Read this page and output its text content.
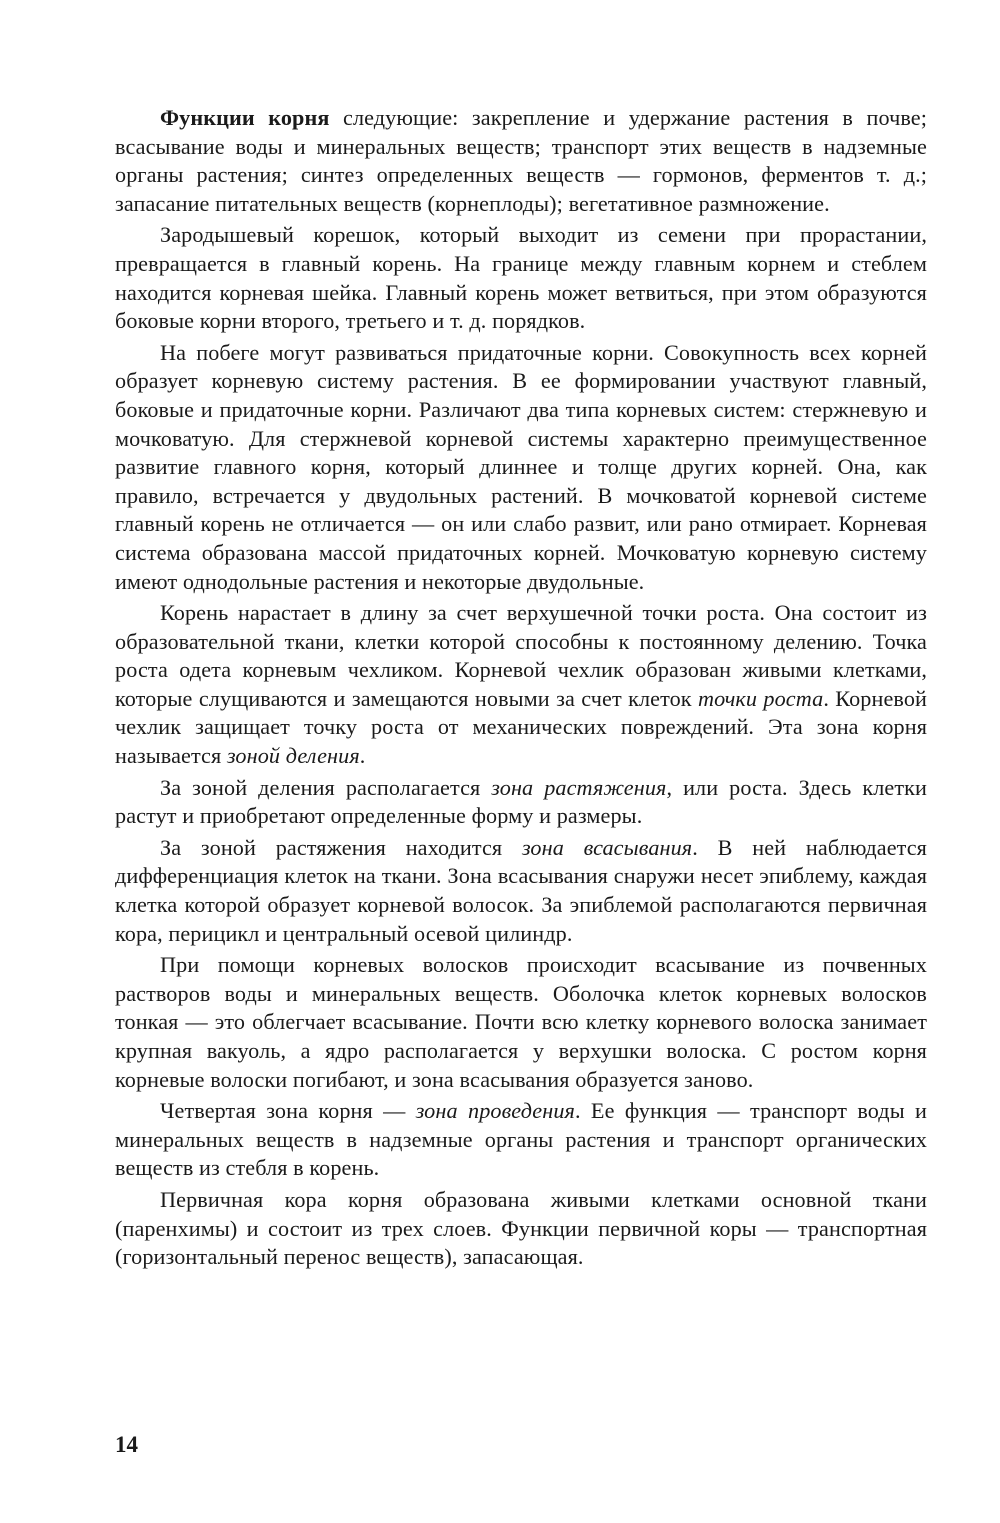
Функции корня следующие: закрепление и удержание растения в почве; всасывание воды и минеральных веществ; транспорт этих веществ в надземные органы растения; синтез определенных веществ — гормонов, ферментов т. д.; запасание питательных веществ (корнеплоды); вегетативное размножение.

Зародышевый корешок, который выходит из семени при прорастании, превращается в главный корень. На границе между главным корнем и стеблем находится корневая шейка. Главный корень может ветвиться, при этом образуются боковые корни второго, третьего и т. д. порядков.

На побеге могут развиваться придаточные корни. Совокупность всех корней образует корневую систему растения. В ее формировании участвуют главный, боковые и придаточные корни. Различают два типа корневых систем: стержневую и мочковатую. Для стержневой корневой системы характерно преимущественное развитие главного корня, который длиннее и толще других корней. Она, как правило, встречается у двудольных растений. В мочковатой корневой системе главный корень не отличается — он или слабо развит, или рано отмирает. Корневая система образована массой придаточных корней. Мочковатую корневую систему имеют однодольные растения и некоторые двудольные.

Корень нарастает в длину за счет верхушечной точки роста. Она состоит из образовательной ткани, клетки которой способны к постоянному делению. Точка роста одета корневым чехликом. Корневой чехлик образован живыми клетками, которые слущиваются и замещаются новыми за счет клеток точки роста. Корневой чехлик защищает точку роста от механических повреждений. Эта зона корня называется зоной деления.

За зоной деления располагается зона растяжения, или роста. Здесь клетки растут и приобретают определенные форму и размеры.

За зоной растяжения находится зона всасывания. В ней наблюдается дифференциация клеток на ткани. Зона всасывания снаружи несет эпиблему, каждая клетка которой образует корневой волосок. За эпиблемой располагаются первичная кора, перицикл и центральный осевой цилиндр.

При помощи корневых волосков происходит всасывание из почвенных растворов воды и минеральных веществ. Оболочка клеток корневых волосков тонкая — это облегчает всасывание. Почти всю клетку корневого волоска занимает крупная вакуоль, а ядро располагается у верхушки волоска. С ростом корня корневые волоски погибают, и зона всасывания образуется заново.

Четвертая зона корня — зона проведения. Ее функция — транспорт воды и минеральных веществ в надземные органы растения и транспорт органических веществ из стебля в корень.

Первичная кора корня образована живыми клетками основной ткани (паренхимы) и состоит из трех слоев. Функции первичной коры — транспортная (горизонтальный перенос веществ), запасающая.

14
